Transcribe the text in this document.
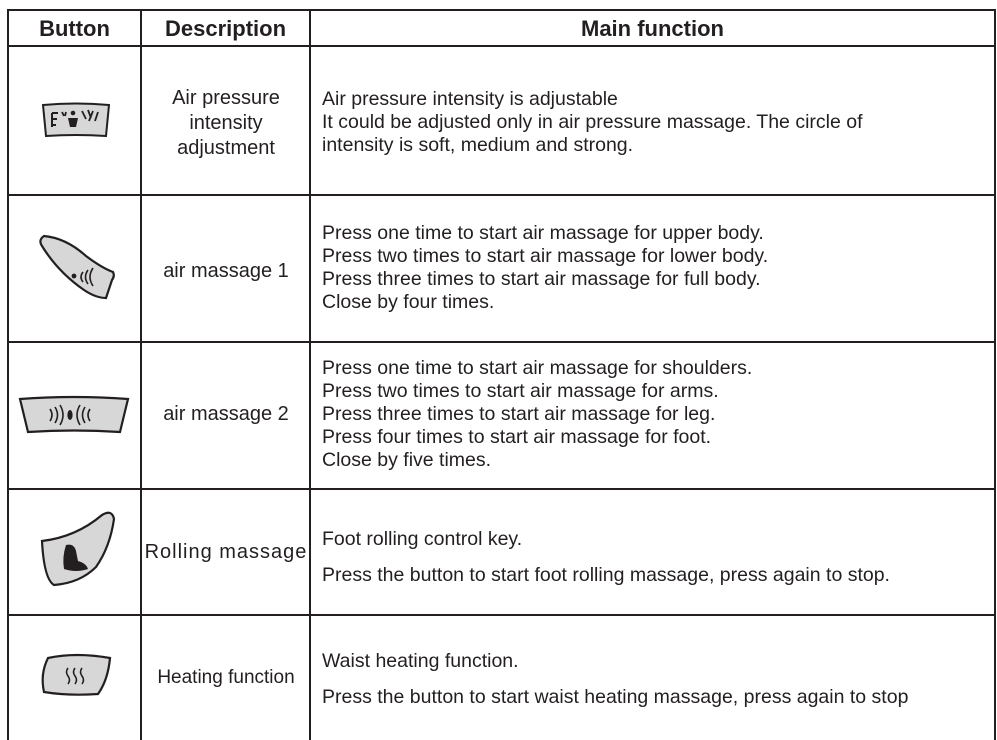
Button	Description	Main function
Air pressure intensity adjustment
Air pressure intensity is adjustable
It could be adjusted only in air pressure massage. The circle of
intensity is soft, medium and strong.
air massage 1
Press one time to start air massage for upper body.
Press two times to start air massage for lower body.
Press three times to start air massage for full body.
Close by four times.
air massage 2
Press one time to start air massage for shoulders.
Press two times to start air massage for arms.
Press three times to start air massage for leg.
Press four times to start air massage for foot.
Close by five times.
Rolling massage
Foot rolling control key.
Press the button to start foot rolling massage, press again to stop.
Heating function
Waist heating function.
Press the button to start waist heating massage, press again to stop
